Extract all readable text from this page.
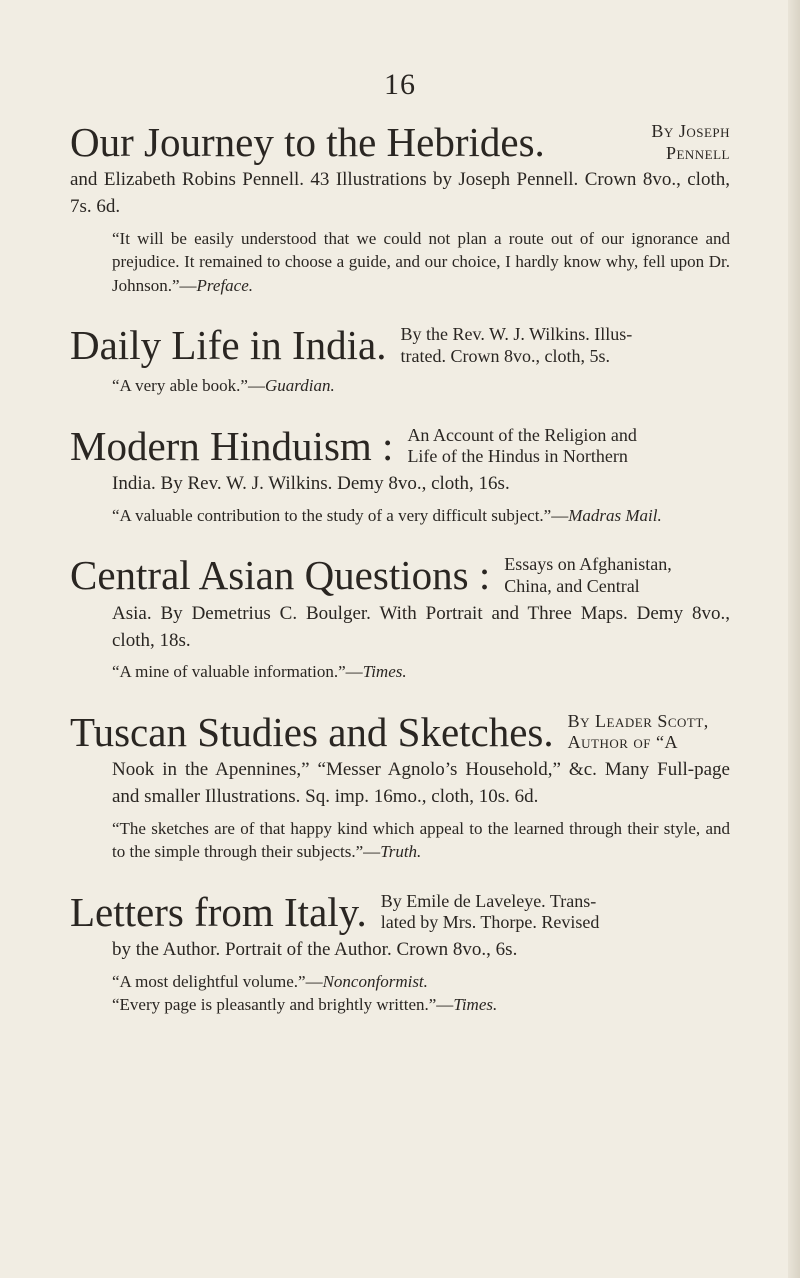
16
Our Journey to the Hebrides.	By Joseph
Pennell

and Elizabeth Robins Pennell. 43 Illustrations by Joseph Pennell. Crown 8vo., cloth, 7s. 6d.

“It will be easily understood that we could not plan a route out of our ignorance and prejudice. It remained to choose a guide, and our choice, I hardly know why, fell upon Dr. Johnson.”—Preface.

Daily Life in India. By the Rev. W. J. Wilkins. Illus-
trated. Crown 8vo., cloth, 5s.

“A very able book.”—Guardian.

Modern Hinduism : An Account of the Religion and
Life of the Hindus in Northern

India. By Rev. W. J. Wilkins. Demy 8vo., cloth, 16s.

“A valuable contribution to the study of a very difficult subject.”—Madras Mail.

Central Asian Questions : Essays on Afghanistan,
China, and Central

Asia. By Demetrius C. Boulger. With Portrait and Three Maps. Demy 8vo., cloth, 18s.

“A mine of valuable information.”—Times.

Tuscan Studies and Sketches. By Leader Scott,
Author of “A

Nook in the Apennines,” “Messer Agnolo’s Household,” &c. Many Full-page and smaller Illustrations. Sq. imp. 16mo., cloth, 10s. 6d.

“The sketches are of that happy kind which appeal to the learned through their style, and to the simple through their subjects.”—Truth.

Letters from Italy. By Emile de Laveleye. Trans-
lated by Mrs. Thorpe. Revised

by the Author. Portrait of the Author. Crown 8vo., 6s.

“A most delightful volume.”—Nonconformist.

“Every page is pleasantly and brightly written.”—Times.
